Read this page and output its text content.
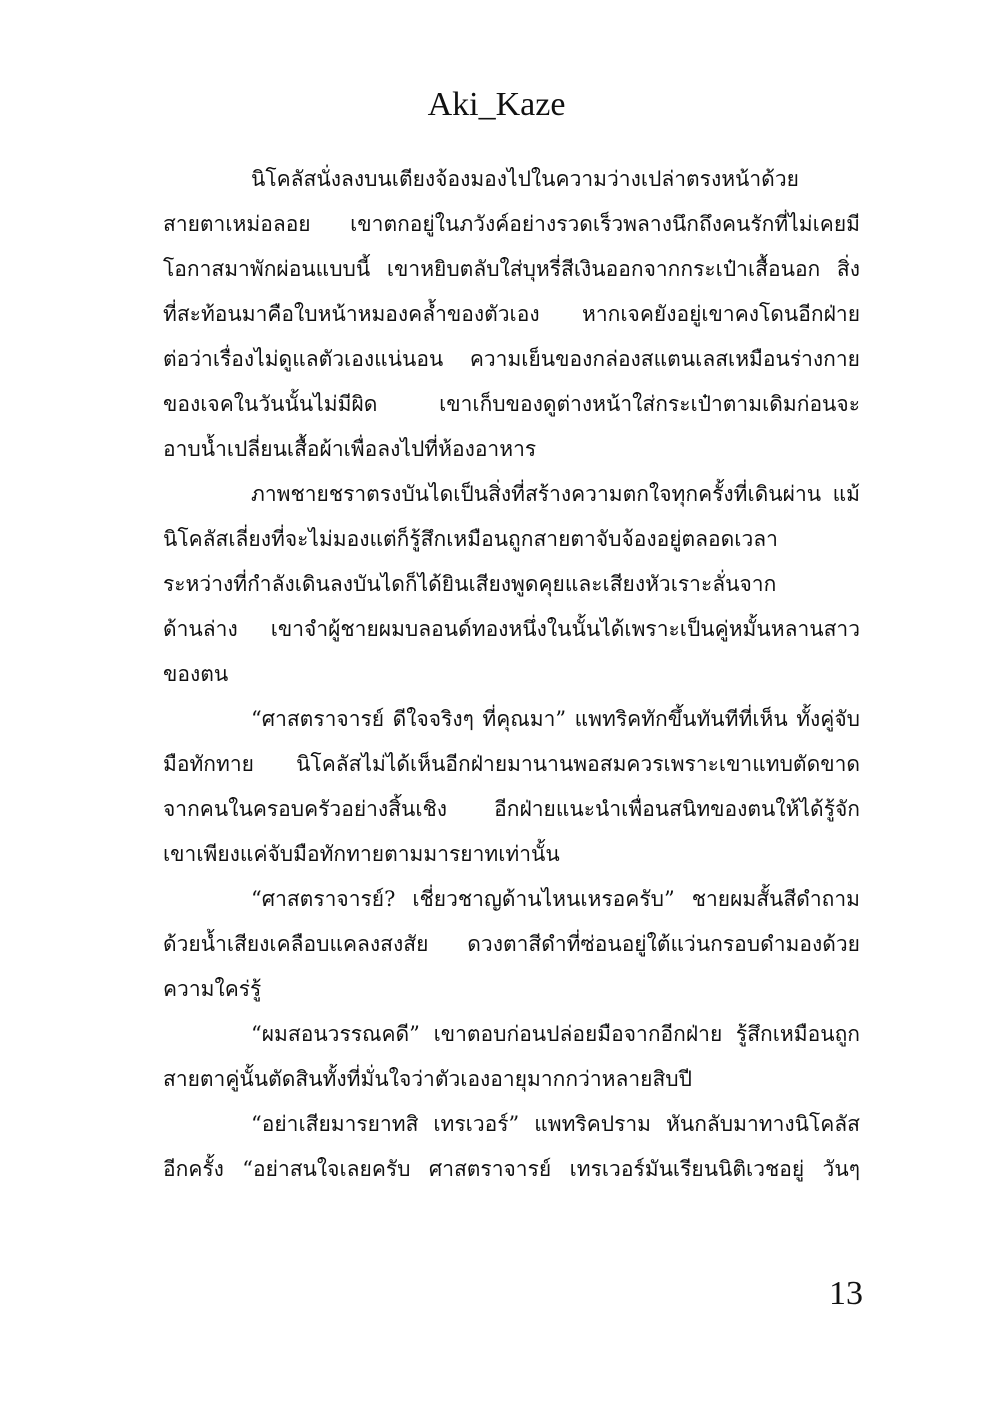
Aki_Kaze
นิโคลัสนั่งลงบนเตียงจ้องมองไปในความว่างเปล่าตรงหน้าด้วย
สายตาเหม่อลอย เขาตกอยู่ในภวังค์อย่างรวดเร็วพลางนึกถึงคนรักที่ไม่เคยมี
โอกาสมาพักผ่อนแบบนี้ เขาหยิบตลับใส่บุหรี่สีเงินออกจากกระเป๋าเสื้อนอก สิ่ง
ที่สะท้อนมาคือใบหน้าหมองคล้ำของตัวเอง หากเจคยังอยู่เขาคงโดนอีกฝ่าย
ต่อว่าเรื่องไม่ดูแลตัวเองแน่นอน ความเย็นของกล่องสแตนเลสเหมือนร่างกาย
ของเจคในวันนั้นไม่มีผิด เขาเก็บของดูต่างหน้าใส่กระเป๋าตามเดิมก่อนจะ
อาบน้ำเปลี่ยนเสื้อผ้าเพื่อลงไปที่ห้องอาหาร
ภาพชายชราตรงบันไดเป็นสิ่งที่สร้างความตกใจทุกครั้งที่เดินผ่าน แม้
นิโคลัสเลี่ยงที่จะไม่มองแต่ก็รู้สึกเหมือนถูกสายตาจับจ้องอยู่ตลอดเวลา
ระหว่างที่กำลังเดินลงบันไดก็ได้ยินเสียงพูดคุยและเสียงหัวเราะลั่นจาก
ด้านล่าง เขาจำผู้ชายผมบลอนด์ทองหนึ่งในนั้นได้เพราะเป็นคู่หมั้นหลานสาว
ของตน
“ศาสตราจารย์ ดีใจจริงๆ ที่คุณมา” แพทริคทักขึ้นทันทีที่เห็น ทั้งคู่จับ
มือทักทาย นิโคลัสไม่ได้เห็นอีกฝ่ายมานานพอสมควรเพราะเขาแทบตัดขาด
จากคนในครอบครัวอย่างสิ้นเชิง อีกฝ่ายแนะนำเพื่อนสนิทของตนให้ได้รู้จัก
เขาเพียงแค่จับมือทักทายตามมารยาทเท่านั้น
“ศาสตราจารย์? เชี่ยวชาญด้านไหนเหรอครับ” ชายผมสั้นสีดำถาม
ด้วยน้ำเสียงเคลือบแคลงสงสัย ดวงตาสีดำที่ซ่อนอยู่ใต้แว่นกรอบดำมองด้วย
ความใคร่รู้
“ผมสอนวรรณคดี” เขาตอบก่อนปล่อยมือจากอีกฝ่าย รู้สึกเหมือนถูก
สายตาคู่นั้นตัดสินทั้งที่มั่นใจว่าตัวเองอายุมากกว่าหลายสิบปี
“อย่าเสียมารยาทสิ เทรเวอร์” แพทริคปราม หันกลับมาทางนิโคลัส
อีกครั้ง “อย่าสนใจเลยครับ ศาสตราจารย์ เทรเวอร์มันเรียนนิติเวชอยู่ วันๆ
13
